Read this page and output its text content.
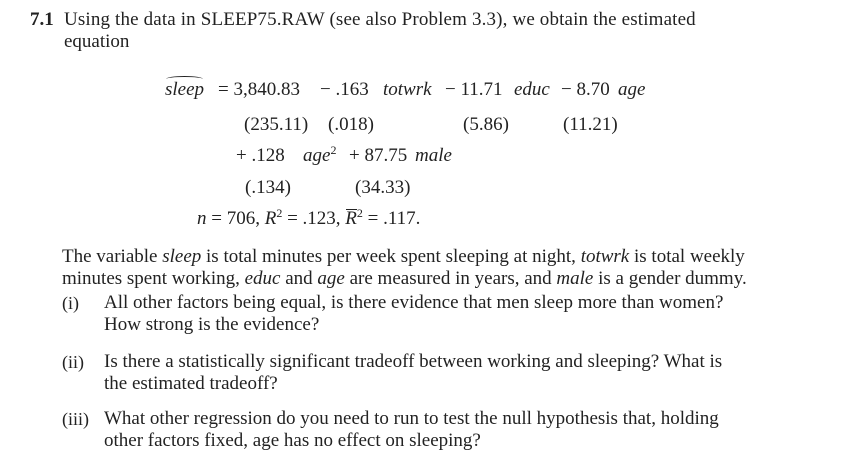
7.1 Using the data in SLEEP75.RAW (see also Problem 3.3), we obtain the estimated
equation
sleep = 3,840.83 − .163 totwrk − 11.71 educ − 8.70 age
(235.11) (.018)	(5.86)	(11.21)
+ .128 age$^2$ + 87.75 male
(.134)	(34.33)
n = 706, $R^2 = .123$, $R^2 = .117$.
The variable sleep is total minutes per week spent sleeping at night, totwrk is total weekly
minutes spent working, educ and age are measured in years, and male is a gender dummy.
(i) All other factors being equal, is there evidence that men sleep more than women?
How strong is the evidence?
(ii) Is there a statistically significant tradeoff between working and sleeping? What is
the estimated tradeoff?
(iii) What other regression do you need to run to test the null hypothesis that, holding
other factors fixed, age has no effect on sleeping?
